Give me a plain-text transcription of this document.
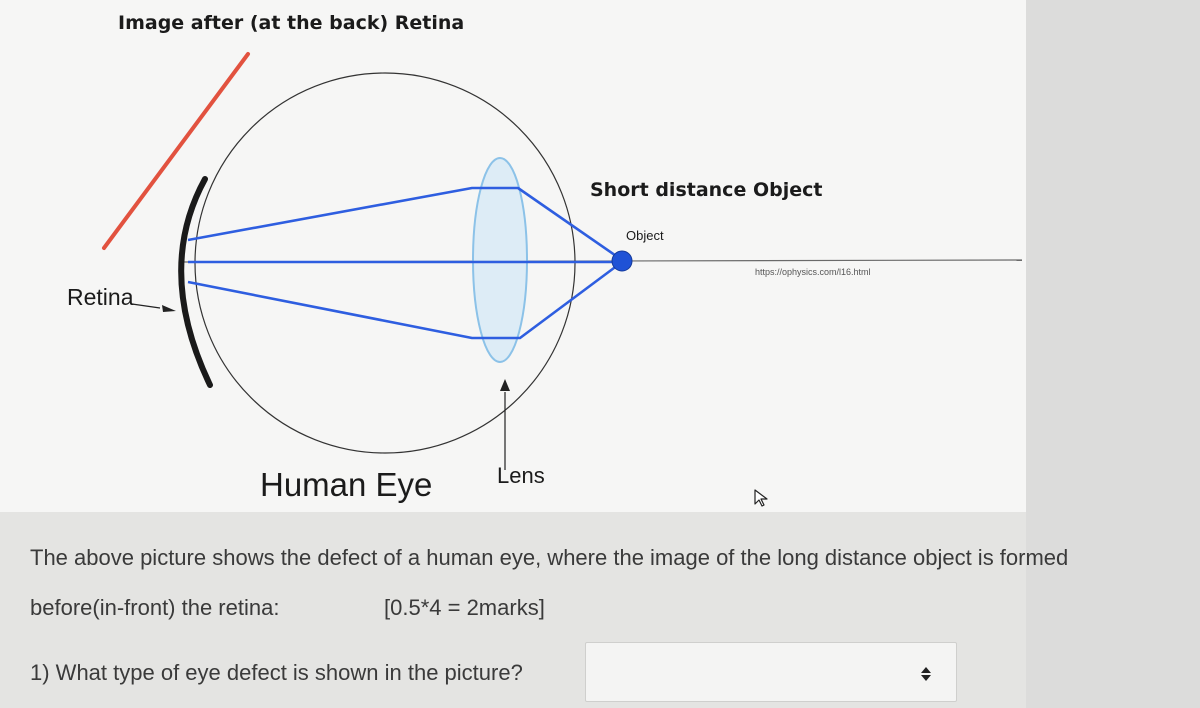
Image after (at the back) Retina
Short distance Object
Object
https://ophysics.com/l16.html
Retina
Human Eye	Lens
The above picture shows the defect of a human eye, where the image of the long distance object is formed
before(in-front) the retina:	[0.5*4 = 2marks]
1) What type of eye defect is shown in the picture?
